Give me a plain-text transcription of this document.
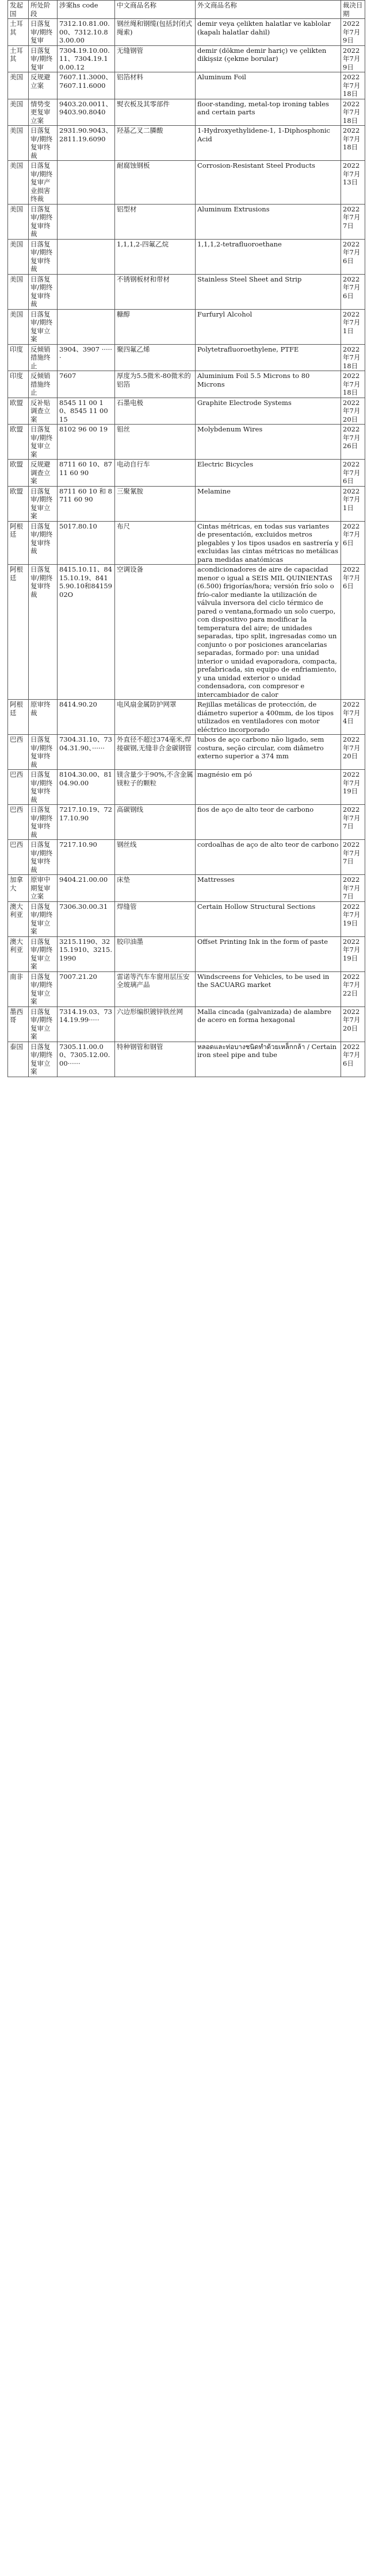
发起国	所处阶段	涉案hs code	中文商品名称	外文商品名称	裁决日期
土耳其	日落复审/期终复审	7312.10.81.00.00、7312.10.83.00.00	钢丝绳和钢缆(包括封闭式绳索)	demir veya çelikten halatlar ve kablolar (kapalı halatlar dahil)	2022年7月9日
土耳其	日落复审/期终复审	7304.19.10.00.11、7304.19.10.00.12	无缝钢管	demir (dökme demir hariç) ve çelikten dikişsiz (çekme borular)	2022年7月9日
美国	反规避立案	7607.11.3000、7607.11.6000	铝箔材料	Aluminum Foil	2022年7月18日
美国	情势变更复审立案	9403.20.0011、9403.90.8040	熨衣板及其零部件	floor-standing, metal-top ironing tables and certain parts	2022年7月18日
美国	日落复审/期终复审终裁	2931.90.9043、2811.19.6090	羟基乙叉二膦酸	1-Hydroxyethylidene-1, 1-Diphosphonic Acid	2022年7月18日
美国	日落复审/期终复审产业损害终裁		耐腐蚀钢板	Corrosion-Resistant Steel Products	2022年7月13日
美国	日落复审/期终复审终裁		铝型材	Aluminum Extrusions	2022年7月7日
美国	日落复审/期终复审终裁		1,1,1,2-四氟乙烷	1,1,1,2-tetrafluoroethane	2022年7月6日
美国	日落复审/期终复审终裁		不锈钢板材和带材	Stainless Steel Sheet and Strip	2022年7月6日
美国	日落复审/期终复审立案		糠醇	Furfuryl Alcohol	2022年7月1日
印度	反倾销措施终止	3904、3907 ······	聚四氟乙烯	Polytetrafluoroethylene, PTFE	2022年7月18日
印度	反倾销措施终止	7607	厚度为5.5微米-80微米的铝箔	Aluminium Foil 5.5 Microns to 80 Microns	2022年7月18日
欧盟	反补贴调查立案	8545 11 00 10、8545 11 00 15	石墨电极	Graphite Electrode Systems	2022年7月20日
欧盟	日落复审/期终复审立案	8102 96 00 19	钼丝	Molybdenum Wires	2022年7月26日
欧盟	反规避调查立案	8711 60 10、8711 60 90	电动自行车	Electric Bicycles	2022年7月6日
欧盟	日落复审/期终复审立案	8711 60 10 和 8711 60 90	三聚氰胺	Melamine	2022年7月1日
阿根廷	日落复审/期终复审终裁	5017.80.10	布尺	Cintas métricas, en todas sus variantes de presentación, excluidos metros plegables y los tipos usados en sastrería y excluidas las cintas métricas no metálicas para medidas anatómicas	2022年7月6日
阿根廷	日落复审/期终复审终裁	8415.10.11、8415.10.19、8415.90.10和8415902O	空调设备	acondicionadores de aire de capacidad menor o igual a SEIS MIL QUINIENTAS (6.500) frigorías/hora; versión frío solo o frío-calor mediante la utilización de válvula inversora del ciclo térmico de pared o ventana,formado un solo cuerpo, con dispositivo para modificar la temperatura del aire; de unidades separadas, tipo split, ingresadas como un conjunto o por posiciones arancelarias separadas, formado por: una unidad interior o unidad evaporadora, compacta, prefabricada, sin equipo de enfriamiento, y una unidad exterior o unidad condensadora, con compresor e intercambiador de calor	2022年7月6日
阿根廷	原审终裁	8414.90.20	电风扇金属防护网罩	Rejillas metálicas de protección, de diámetro superior a 400mm, de los tipos utilizados en ventiladores con motor eléctrico incorporado	2022年7月4日
巴西	日落复审/期终复审终裁	7304.31.10、7304.31.90、······	外直径不超过374毫米,焊接碳钢,无缝非合金碳钢管	tubos de aço carbono não ligado, sem costura, seção circular, com diâmetro externo superior a 374 mm	2022年7月20日
巴西	日落复审/期终复审终裁	8104.30.00、8104.90.00	镁含量少于90%,不含金属镁粒子的颗粒	magnésio em pó	2022年7月19日
巴西	日落复审/期终复审终裁	7217.10.19、7217.10.90	高碳钢线	fios de aço de alto teor de carbono	2022年7月7日
巴西	日落复审/期终复审终裁	7217.10.90	钢丝线	cordoalhas de aço de alto teor de carbono	2022年7月7日
加拿大	原审中期复审立案	9404.21.00.00	床垫	Mattresses	2022年7月7日
澳大利亚	日落复审/期终复审立案	7306.30.00.31	焊缝管	Certain Hollow Structural Sections	2022年7月19日
澳大利亚	日落复审/期终复审立案	3215.1190、3215.1910、3215.1990	胶印油墨	Offset Printing Ink in the form of paste	2022年7月19日
南非	日落复审/期终复审立案	7007.21.20	雷诺等汽车车窗用层压安全玻璃产品	Windscreens for Vehicles, to be used in the SACUARG market	2022年7月22日
墨西哥	日落复审/期终复审立案	7314.19.03、7314.19.99·····	六边形编织镀锌铁丝网	Malla cincada (galvanizada) de alambre de acero en forma hexagonal	2022年7月20日
泰国	日落复审/期终复审立案	7305.11.00.00、7305.12.00.00······	特种钢管和钢管	หลอดและท่อบางชนิดทำด้วยเหล็กกล้า / Certain iron steel pipe and tube	2022年7月6日
